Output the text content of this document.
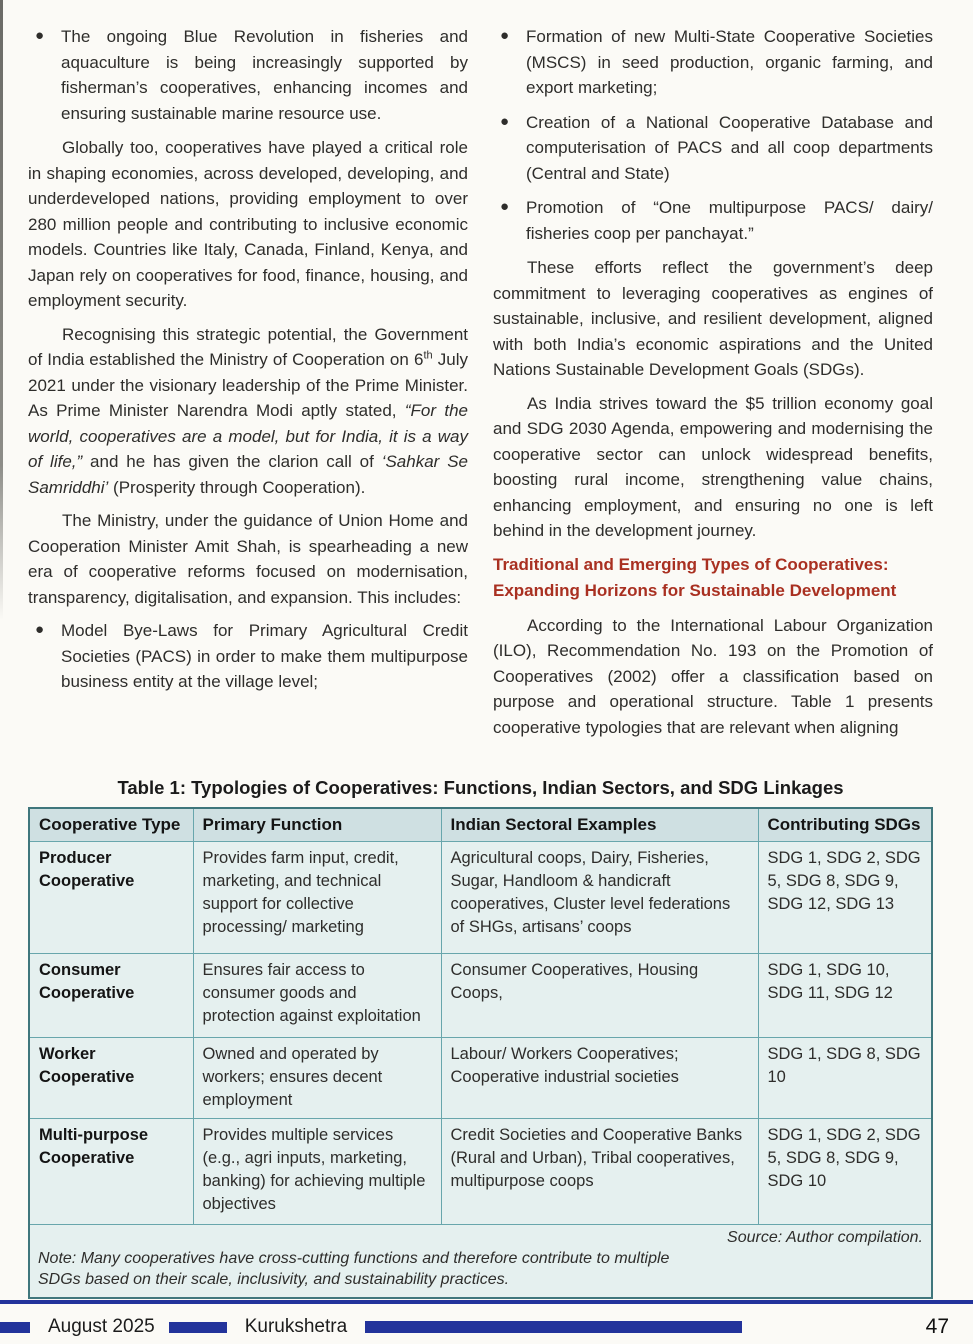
● The ongoing Blue Revolution in fisheries and aquaculture is being increasingly supported by fisherman’s cooperatives, enhancing incomes and ensuring sustainable marine resource use.

Globally too, cooperatives have played a critical role in shaping economies, across developed, developing, and underdeveloped nations, providing employment to over 280 million people and contributing to inclusive economic models. Countries like Italy, Canada, Finland, Kenya, and Japan rely on cooperatives for food, finance, housing, and employment security.

Recognising this strategic potential, the Government of India established the Ministry of Cooperation on 6th July 2021 under the visionary leadership of the Prime Minister. As Prime Minister Narendra Modi aptly stated, “For the world, cooperatives are a model, but for India, it is a way of life,” and he has given the clarion call of ‘Sahkar Se Samriddhi’ (Prosperity through Cooperation).

The Ministry, under the guidance of Union Home and Cooperation Minister Amit Shah, is spearheading a new era of cooperative reforms focused on modernisation, transparency, digitalisation, and expansion. This includes:

● Model Bye-Laws for Primary Agricultural Credit Societies (PACS) in order to make them multipurpose business entity at the village level;
● Formation of new Multi-State Cooperative Societies (MSCS) in seed production, organic farming, and export marketing;
● Creation of a National Cooperative Database and computerisation of PACS and all coop departments (Central and State)
● Promotion of “One multipurpose PACS/ dairy/ fisheries coop per panchayat.”

These efforts reflect the government’s deep commitment to leveraging cooperatives as engines of sustainable, inclusive, and resilient development, aligned with both India’s economic aspirations and the United Nations Sustainable Development Goals (SDGs).

As India strives toward the $5 trillion economy goal and SDG 2030 Agenda, empowering and modernising the cooperative sector can unlock widespread benefits, boosting rural income, strengthening value chains, enhancing employment, and ensuring no one is left behind in the development journey.

Traditional and Emerging Types of Cooperatives: Expanding Horizons for Sustainable Development

According to the International Labour Organization (ILO), Recommendation No. 193 on the Promotion of Cooperatives (2002) offer a classification based on purpose and operational structure. Table 1 presents cooperative typologies that are relevant when aligning

Table 1: Typologies of Cooperatives: Functions, Indian Sectors, and SDG Linkages
Cooperative Type	Primary Function	Indian Sectoral Examples	Contributing SDGs
Producer Cooperative	Provides farm input, credit, marketing, and technical support for collective processing/ marketing	Agricultural coops, Dairy, Fisheries, Sugar, Handloom & handicraft cooperatives, Cluster level federations of SHGs, artisans’ coops	SDG 1, SDG 2, SDG 5, SDG 8, SDG 9, SDG 12, SDG 13
Consumer Cooperative	Ensures fair access to consumer goods and protection against exploitation	Consumer Cooperatives, Housing Coops,	SDG 1, SDG 10, SDG 11, SDG 12
Worker Cooperative	Owned and operated by workers; ensures decent employment	Labour/ Workers Cooperatives; Cooperative industrial societies	SDG 1, SDG 8, SDG 10
Multi-purpose Cooperative	Provides multiple services (e.g., agri inputs, marketing, banking) for achieving multiple objectives	Credit Societies and Cooperative Banks (Rural and Urban), Tribal cooperatives, multipurpose coops	SDG 1, SDG 2, SDG 5, SDG 8, SDG 9, SDG 10

Source: Author compilation.
Note: Many cooperatives have cross-cutting functions and therefore contribute to multiple
SDGs based on their scale, inclusivity, and sustainability practices.			
August 2025	Kurukshetra	47
